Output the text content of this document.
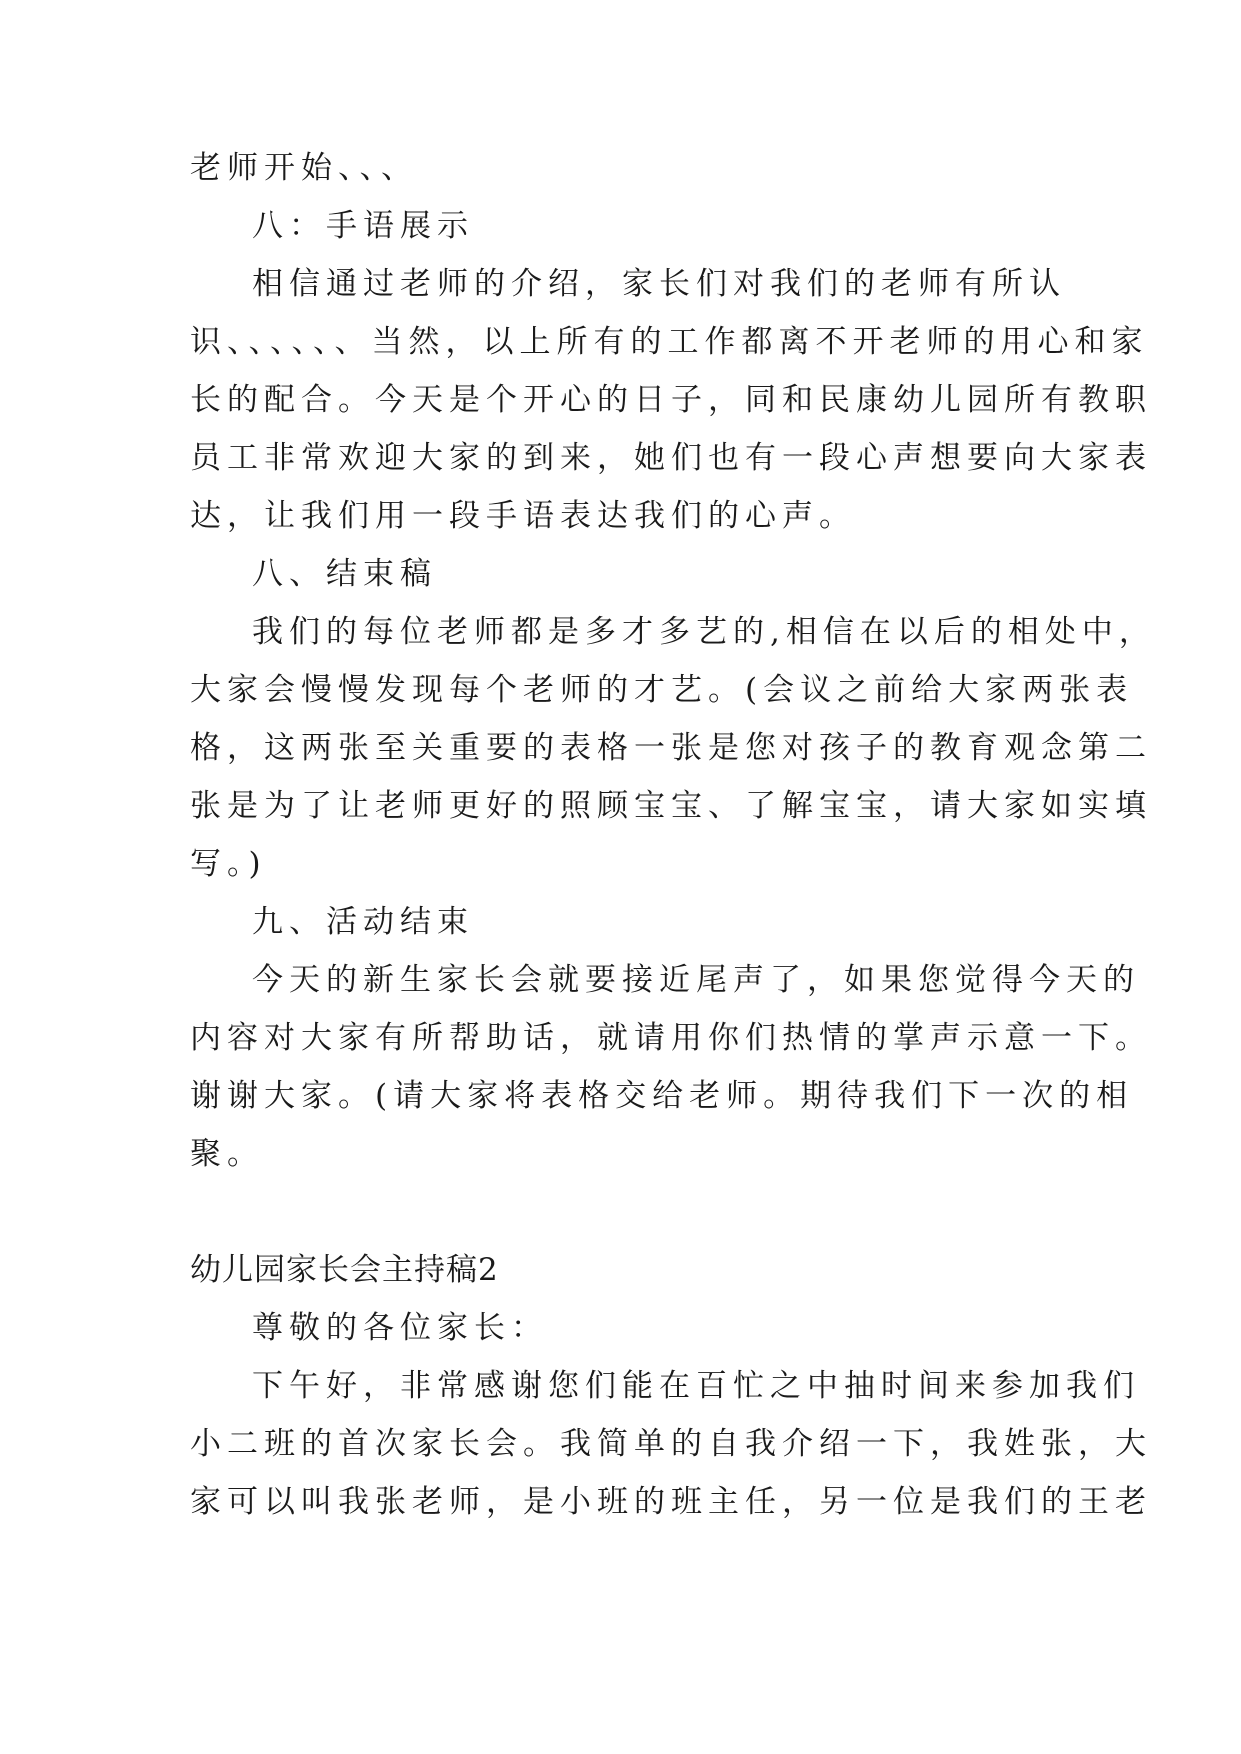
老师开始、、、

八：手语展示

相信通过老师的介绍，家长们对我们的老师有所认

识、、、、、、当然，以上所有的工作都离不开老师的用心和家

长的配合。今天是个开心的日子，同和民康幼儿园所有教职

员工非常欢迎大家的到来，她们也有一段心声想要向大家表

达，让我们用一段手语表达我们的心声。

八、结束稿

我们的每位老师都是多才多艺的,相信在以后的相处中，

大家会慢慢发现每个老师的才艺。(会议之前给大家两张表

格，这两张至关重要的表格一张是您对孩子的教育观念第二

张是为了让老师更好的照顾宝宝、了解宝宝，请大家如实填

写。)

九、活动结束

今天的新生家长会就要接近尾声了，如果您觉得今天的

内容对大家有所帮助话，就请用你们热情的掌声示意一下。

谢谢大家。(请大家将表格交给老师。期待我们下一次的相

聚。

幼儿园家长会主持稿2

尊敬的各位家长：

下午好，非常感谢您们能在百忙之中抽时间来参加我们

小二班的首次家长会。我简单的自我介绍一下，我姓张，大

家可以叫我张老师，是小班的班主任，另一位是我们的王老
